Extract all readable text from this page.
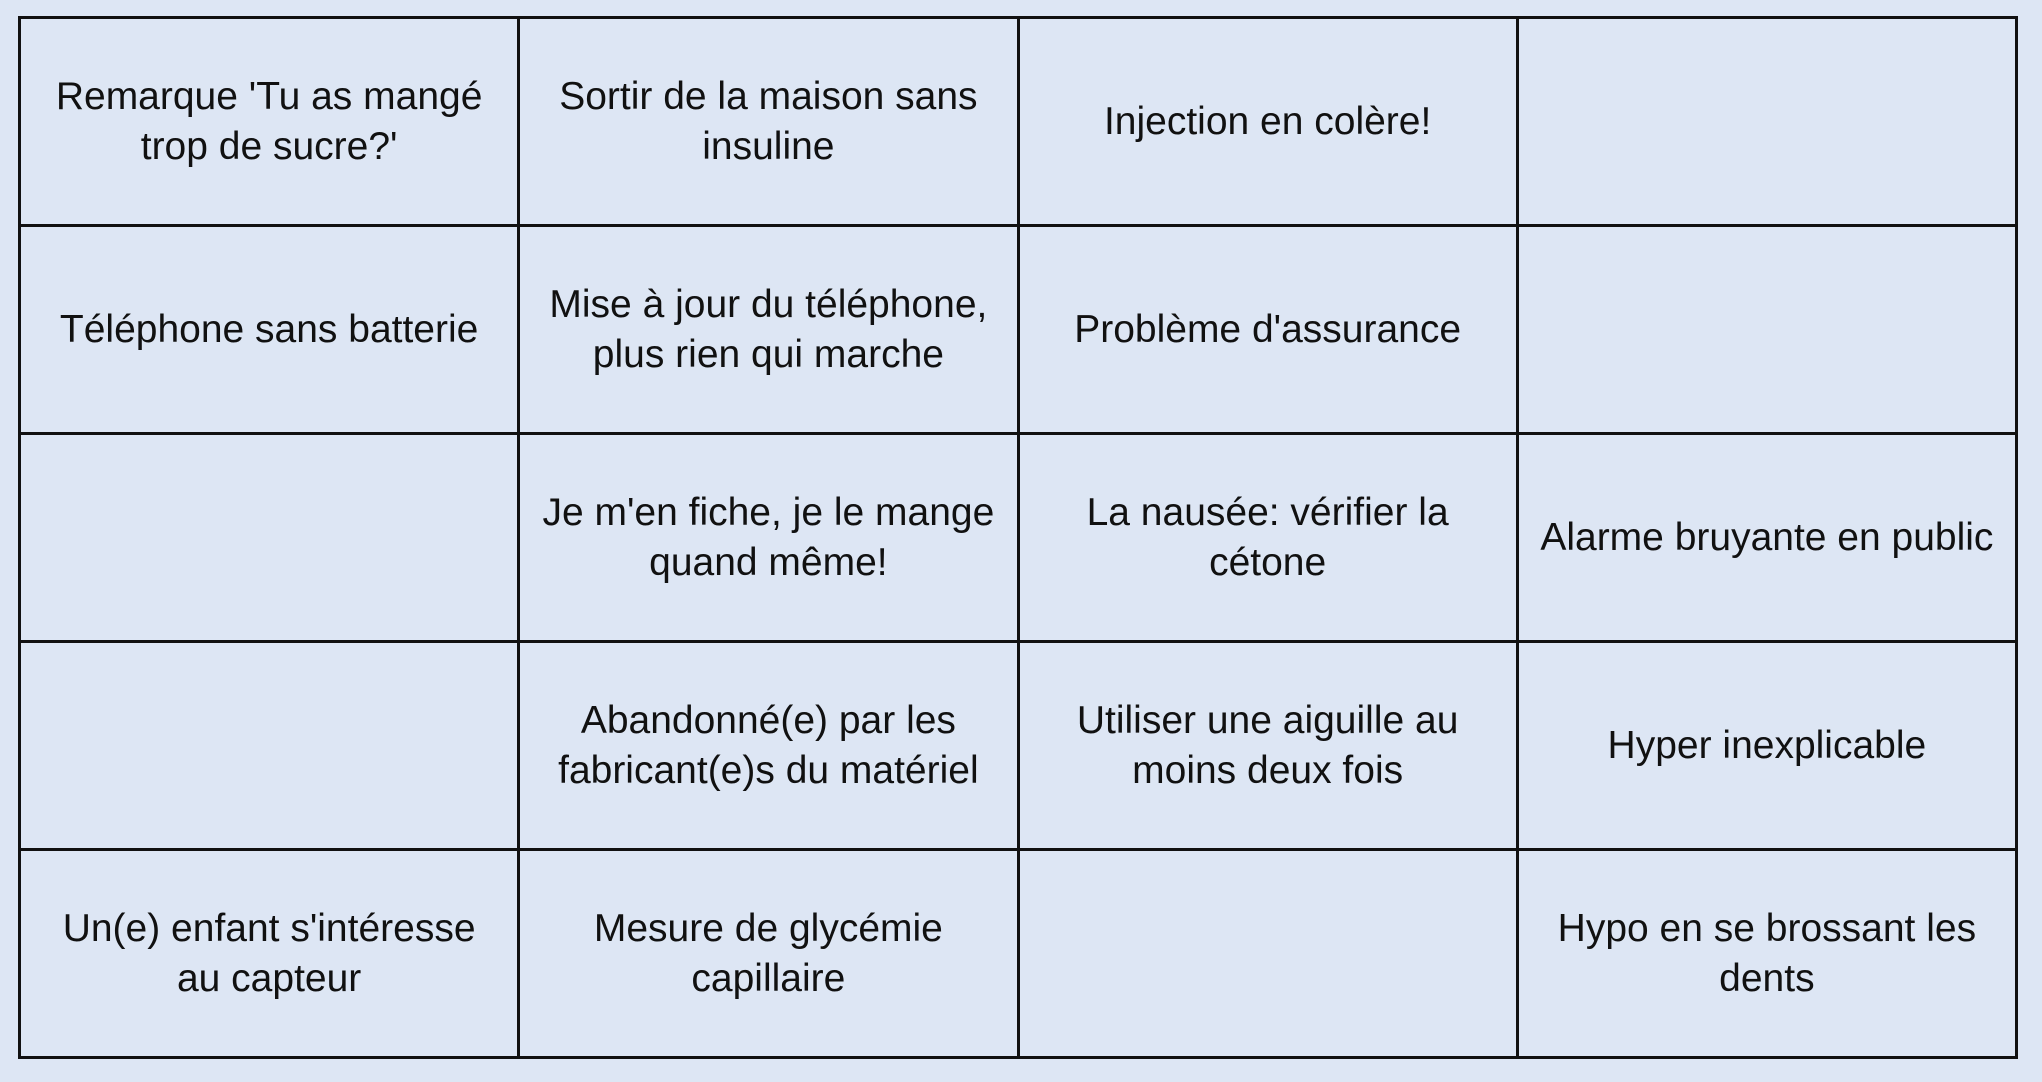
Remarque 'Tu as mangé trop de sucre?'	Sortir de la maison sans insuline	Injection en colère!	
Téléphone sans batterie	Mise à jour du téléphone, plus rien qui marche	Problème d'assurance	
	Je m'en fiche, je le mange quand même!	La nausée: vérifier la cétone	Alarme bruyante en public
	Abandonné(e) par les fabricant(e)s du matériel	Utiliser une aiguille au moins deux fois	Hyper inexplicable
Un(e) enfant s'intéresse au capteur	Mesure de glycémie capillaire		Hypo en se brossant les dents
